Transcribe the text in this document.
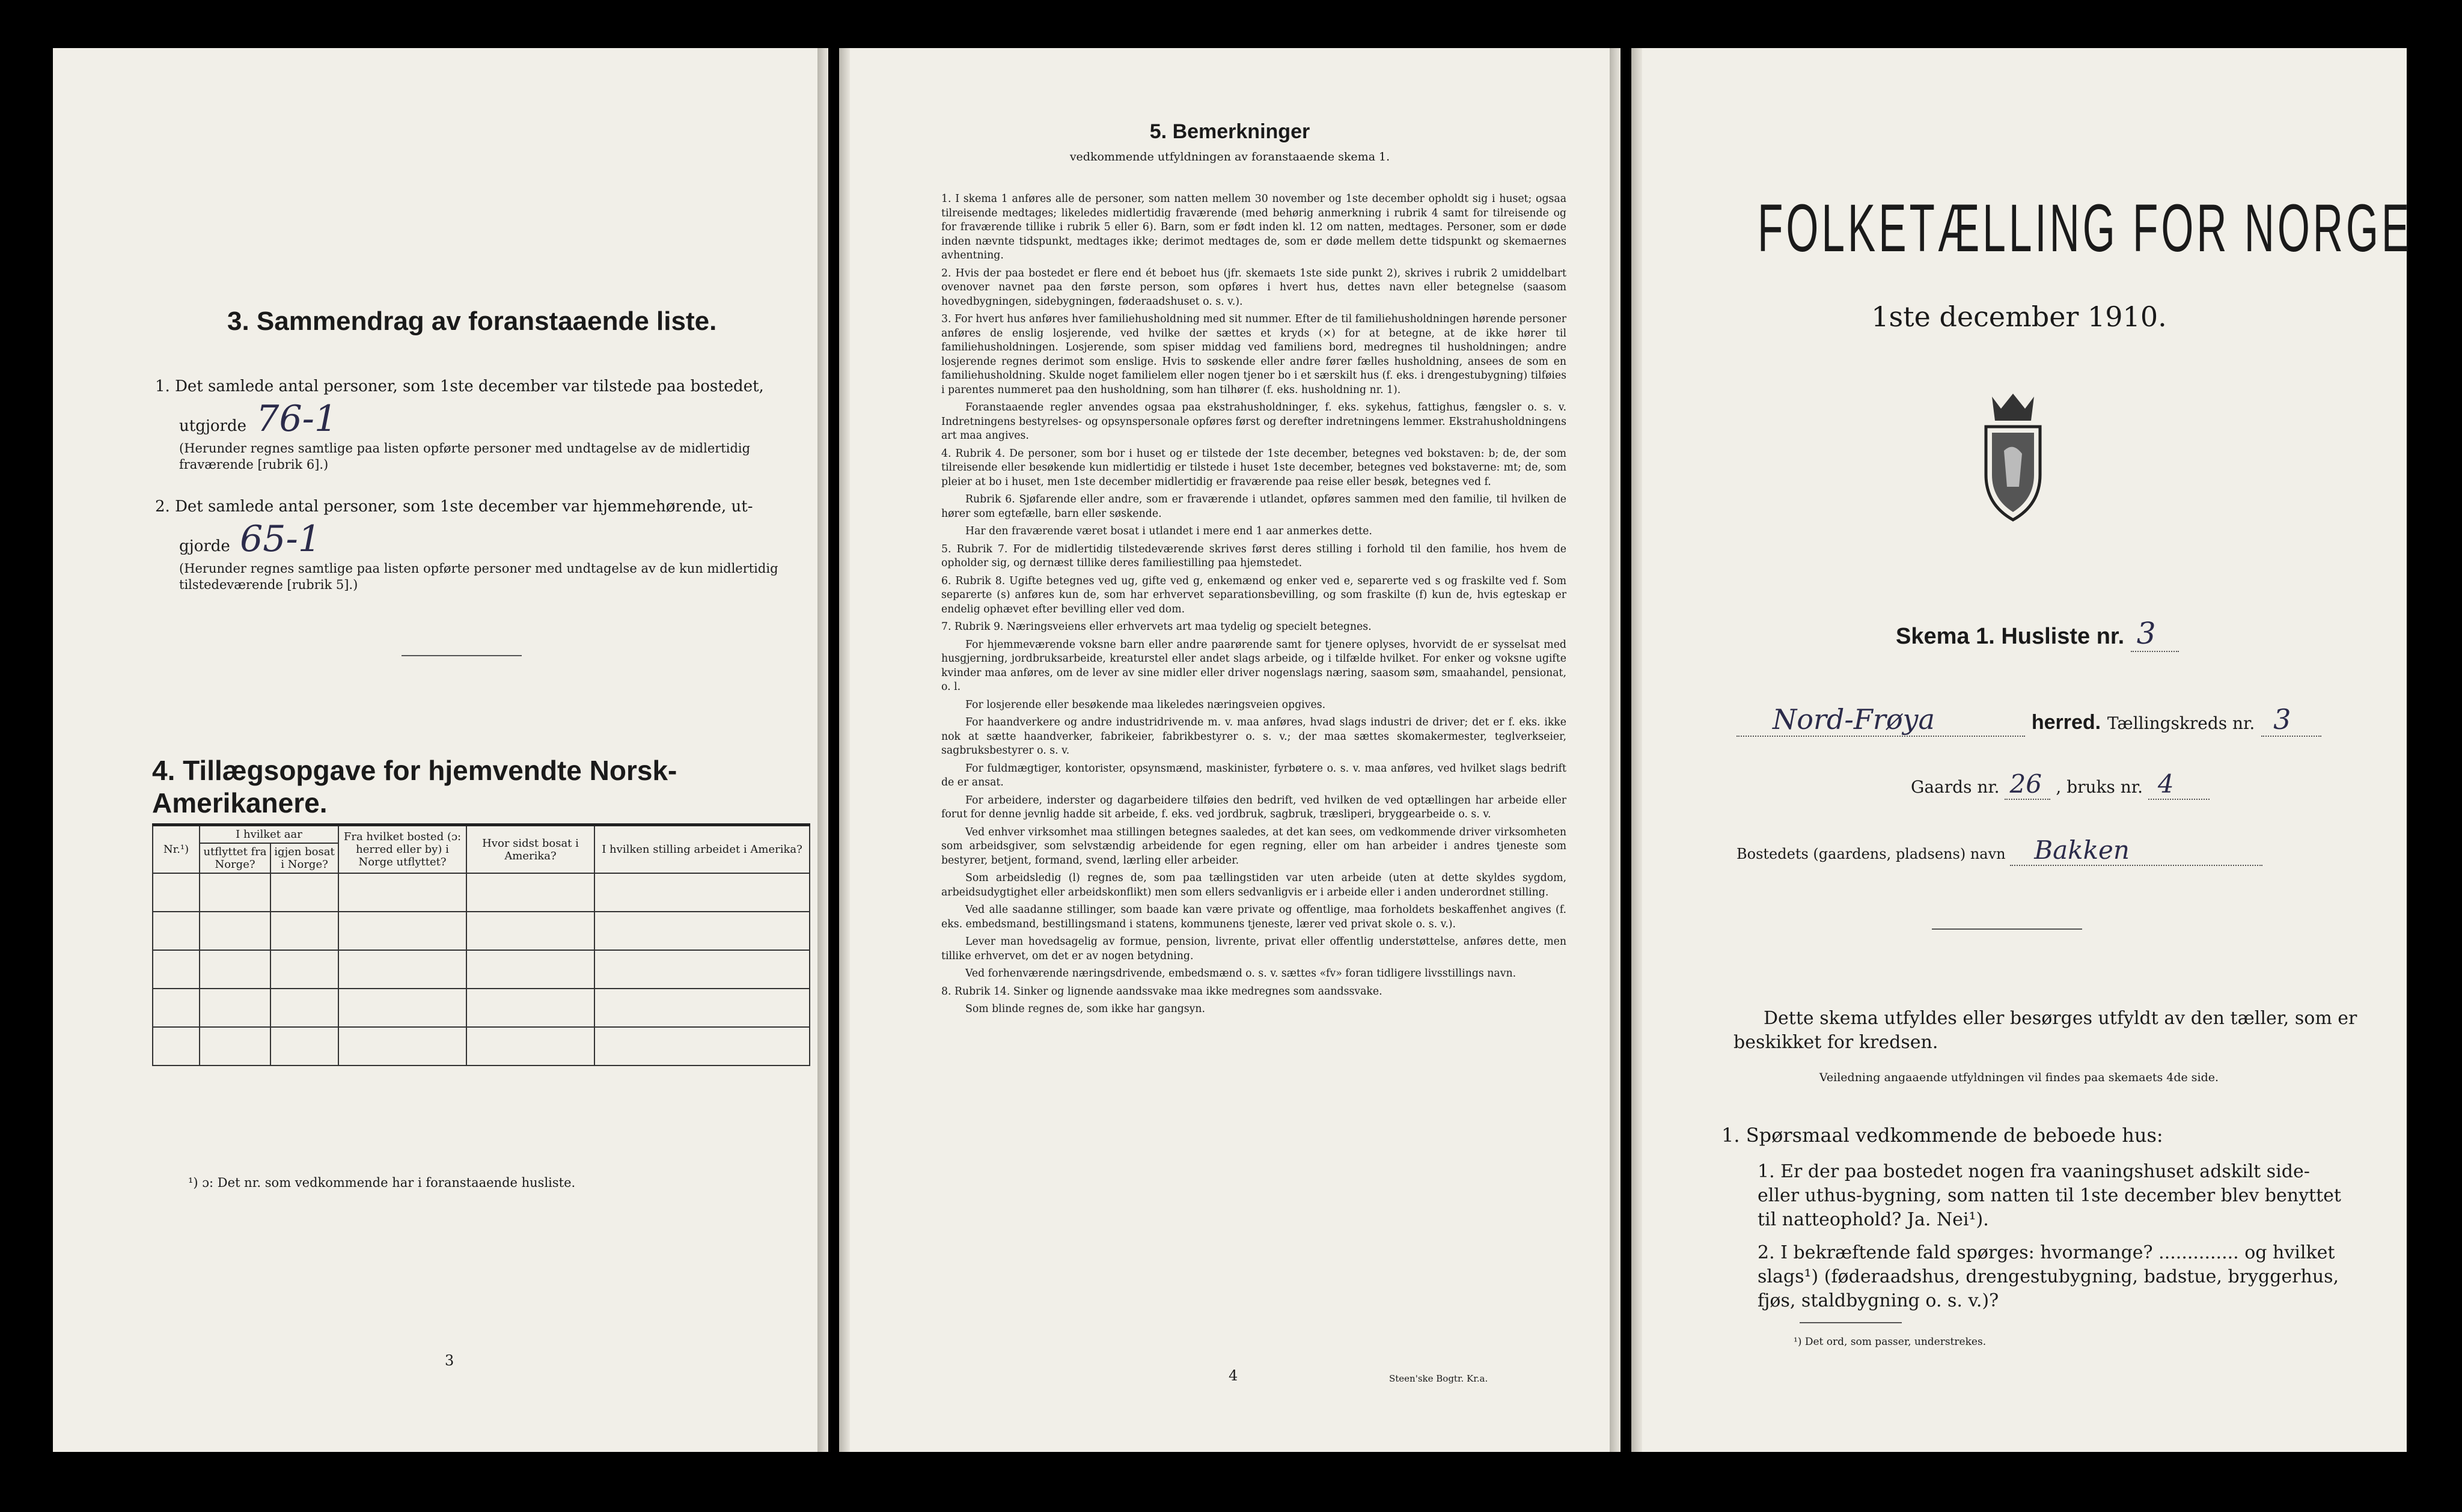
3. Sammendrag av foranstaaende liste.
1. Det samlede antal personer, som 1ste december var tilstede paa bostedet,
utgjorde 76-1
(Herunder regnes samtlige paa listen opførte personer med undtagelse av de midlertidig fraværende [rubrik 6].)
2. Det samlede antal personer, som 1ste december var hjemmehørende, ut-
gjorde 65-1
(Herunder regnes samtlige paa listen opførte personer med undtagelse av de kun midlertidig tilstedeværende [rubrik 5].)
4. Tillægsopgave for hjemvendte Norsk-Amerikanere.
Nr.¹)	I hvilket aar		Fra hvilket bosted (ɔ: herred eller by) i Norge utflyttet?	Hvor sidst bosat i Amerika?	I hvilken stilling arbeidet i Amerika?
	utflyttet fra Norge?	igjen bosat i Norge?			

¹) ɔ: Det nr. som vedkommende har i foranstaaende husliste.
3
5. Bemerkninger
vedkommende utfyldningen av foranstaaende skema 1.

1. I skema 1 anføres alle de personer, som natten mellem 30 november og 1ste december opholdt sig i huset; ogsaa tilreisende medtages; likeledes midlertidig fraværende (med behørig anmerkning i rubrik 4 samt for tilreisende og for fraværende tillike i rubrik 5 eller 6). Barn, som er født inden kl. 12 om natten, medtages. Personer, som er døde inden nævnte tidspunkt, medtages ikke; derimot medtages de, som er døde mellem dette tidspunkt og skemaernes avhentning.

2. Hvis der paa bostedet er flere end ét beboet hus (jfr. skemaets 1ste side punkt 2), skrives i rubrik 2 umiddelbart ovenover navnet paa den første person, som opføres i hvert hus, dettes navn eller betegnelse (saasom hovedbygningen, sidebygningen, føderaadshuset o. s. v.).

3. For hvert hus anføres hver familiehusholdning med sit nummer. Efter de til familiehusholdningen hørende personer anføres de enslig losjerende, ved hvilke der sættes et kryds (×) for at betegne, at de ikke hører til familiehusholdningen. Losjerende, som spiser middag ved familiens bord, medregnes til husholdningen; andre losjerende regnes derimot som enslige. Hvis to søskende eller andre fører fælles husholdning, ansees de som en familiehusholdning. Skulde noget familielem eller nogen tjener bo i et særskilt hus (f. eks. i drengestubygning) tilføies i parentes nummeret paa den husholdning, som han tilhører (f. eks. husholdning nr. 1).

Foranstaaende regler anvendes ogsaa paa ekstrahusholdninger, f. eks. sykehus, fattighus, fængsler o. s. v. Indretningens bestyrelses- og opsynspersonale opføres først og derefter indretningens lemmer. Ekstrahusholdningens art maa angives.

4. Rubrik 4. De personer, som bor i huset og er tilstede der 1ste december, betegnes ved bokstaven: b; de, der som tilreisende eller besøkende kun midlertidig er tilstede i huset 1ste december, betegnes ved bokstaverne: mt; de, som pleier at bo i huset, men 1ste december midlertidig er fraværende paa reise eller besøk, betegnes ved f.

Rubrik 6. Sjøfarende eller andre, som er fraværende i utlandet, opføres sammen med den familie, til hvilken de hører som egtefælle, barn eller søskende.

Har den fraværende været bosat i utlandet i mere end 1 aar anmerkes dette.

5. Rubrik 7. For de midlertidig tilstedeværende skrives først deres stilling i forhold til den familie, hos hvem de opholder sig, og dernæst tillike deres familiestilling paa hjemstedet.

6. Rubrik 8. Ugifte betegnes ved ug, gifte ved g, enkemænd og enker ved e, separerte ved s og fraskilte ved f. Som separerte (s) anføres kun de, som har erhvervet separationsbevilling, og som fraskilte (f) kun de, hvis egteskap er endelig ophævet efter bevilling eller ved dom.

7. Rubrik 9. Næringsveiens eller erhvervets art maa tydelig og specielt betegnes.

For hjemmeværende voksne barn eller andre paarørende samt for tjenere oplyses, hvorvidt de er sysselsat med husgjerning, jordbruksarbeide, kreaturstel eller andet slags arbeide, og i tilfælde hvilket. For enker og voksne ugifte kvinder maa anføres, om de lever av sine midler eller driver nogenslags næring, saasom søm, smaahandel, pensionat, o. l.

For losjerende eller besøkende maa likeledes næringsveien opgives.

For haandverkere og andre industridrivende m. v. maa anføres, hvad slags industri de driver; det er f. eks. ikke nok at sætte haandverker, fabrikeier, fabrikbestyrer o. s. v.; der maa sættes skomakermester, teglverkseier, sagbruksbestyrer o. s. v.

For fuldmægtiger, kontorister, opsynsmænd, maskinister, fyrbøtere o. s. v. maa anføres, ved hvilket slags bedrift de er ansat.

For arbeidere, inderster og dagarbeidere tilføies den bedrift, ved hvilken de ved optællingen har arbeide eller forut for denne jevnlig hadde sit arbeide, f. eks. ved jordbruk, sagbruk, træsliperi, bryggearbeide o. s. v.

Ved enhver virksomhet maa stillingen betegnes saaledes, at det kan sees, om vedkommende driver virksomheten som arbeidsgiver, som selvstændig arbeidende for egen regning, eller om han arbeider i andres tjeneste som bestyrer, betjent, formand, svend, lærling eller arbeider.

Som arbeidsledig (l) regnes de, som paa tællingstiden var uten arbeide (uten at dette skyldes sygdom, arbeidsudygtighet eller arbeidskonflikt) men som ellers sedvanligvis er i arbeide eller i anden underordnet stilling.

Ved alle saadanne stillinger, som baade kan være private og offentlige, maa forholdets beskaffenhet angives (f. eks. embedsmand, bestillingsmand i statens, kommunens tjeneste, lærer ved privat skole o. s. v.).

Lever man hovedsagelig av formue, pension, livrente, privat eller offentlig understøttelse, anføres dette, men tillike erhvervet, om det er av nogen betydning.

Ved forhenværende næringsdrivende, embedsmænd o. s. v. sættes «fv» foran tidligere livsstillings navn.

8. Rubrik 14. Sinker og lignende aandssvake maa ikke medregnes som aandssvake.

Som blinde regnes de, som ikke har gangsyn.

4	Steen'ske Bogtr. Kr.a.
FOLKETÆLLING FOR NORGE
1ste december 1910.
Skema 1. Husliste nr. 3
Nord-Frøya	herred. Tællingskreds nr. 3
Gaards nr. 26 , bruks nr. 4
Bostedets (gaardens, pladsens) navn Bakken
Dette skema utfyldes eller besørges utfyldt av den tæller, som er beskikket for kredsen.
Veiledning angaaende utfyldningen vil findes paa skemaets 4de side.
1. Spørsmaal vedkommende de beboede hus:
1. Er der paa bostedet nogen fra vaaningshuset adskilt side- eller uthus-bygning, som natten til 1ste december blev benyttet til natteophold? Ja. Nei¹).
2. I bekræftende fald spørges: hvormange? .............. og hvilket slags¹) (føderaadshus, drengestubygning, badstue, bryggerhus, fjøs, staldbygning o. s. v.)?
¹) Det ord, som passer, understrekes.
